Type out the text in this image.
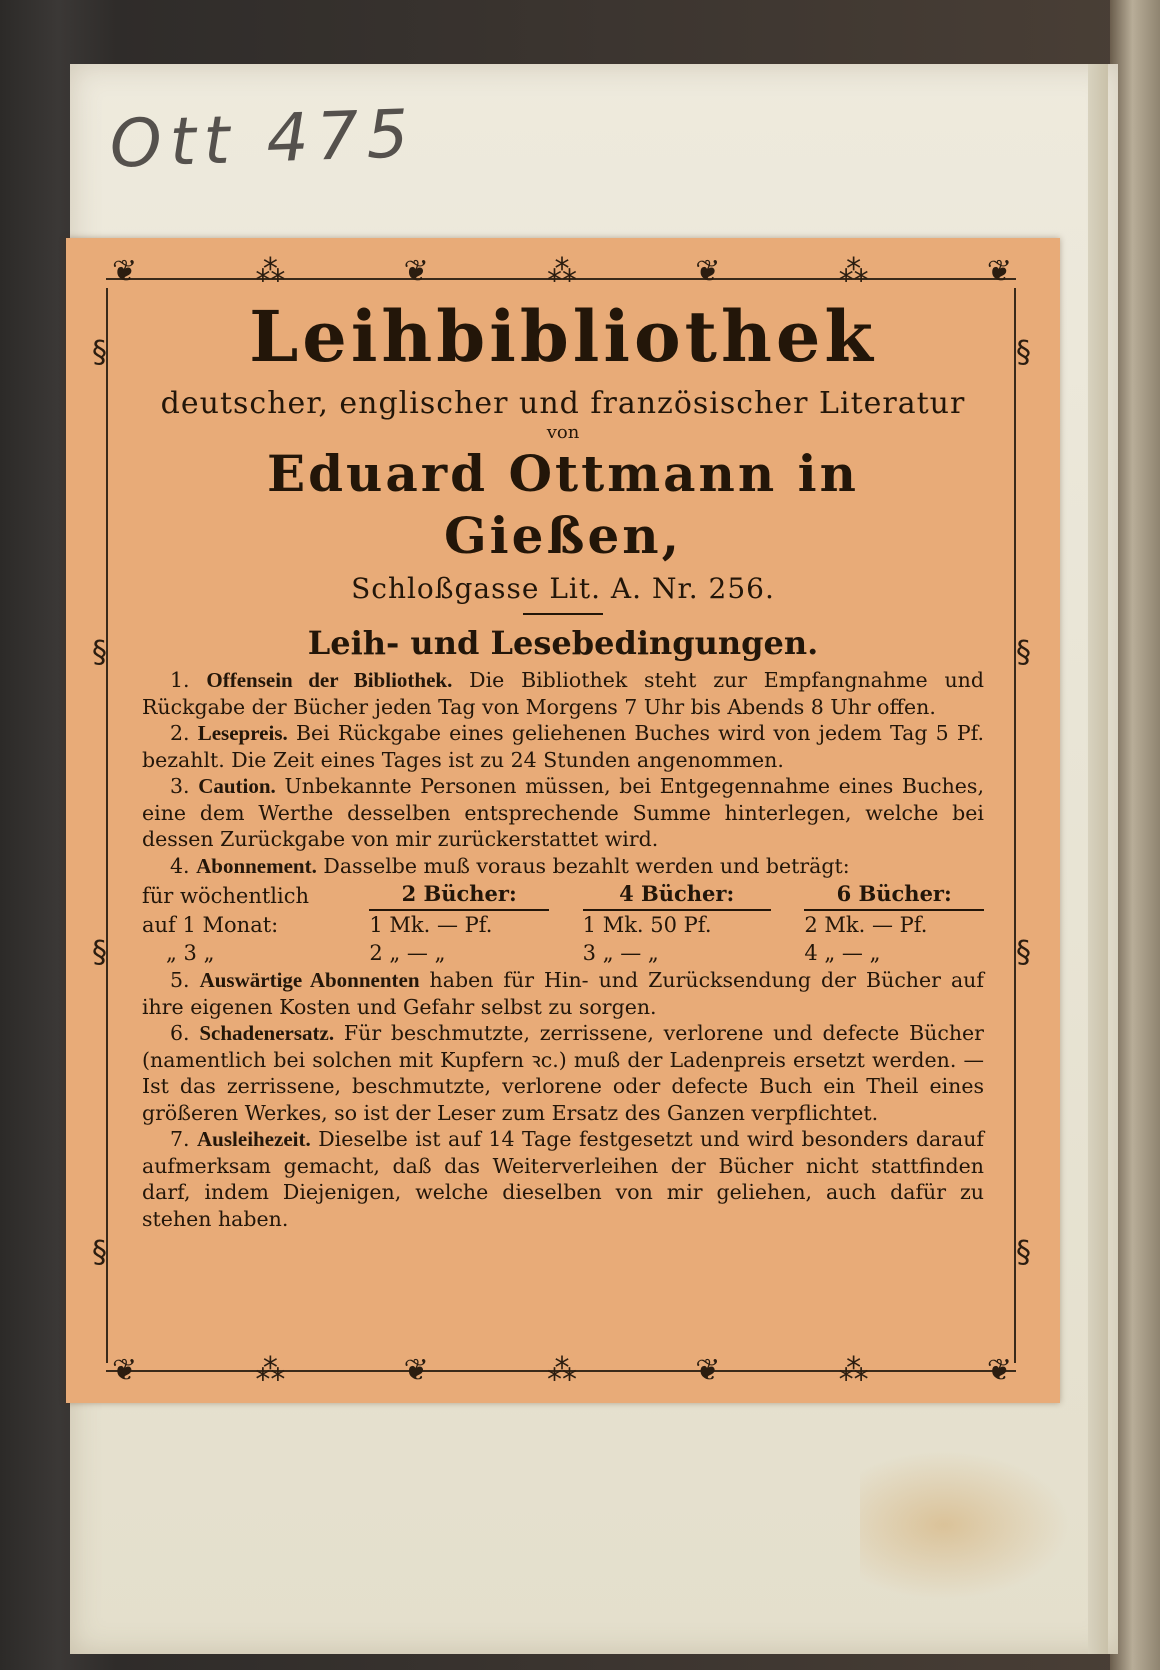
Ott 475
❦	⁂	❦	⁂	❦	⁂	❦
❦	⁂	❦	⁂	❦	⁂	❦
§
§
§
§
§
§
§
§
Leihbibliothek
deutscher, englischer und französischer Literatur
von
Eduard Ottmann in Gießen,
Schloßgasse Lit. A. Nr. 256.
Leih- und Lesebedingungen.

1. Offensein der Bibliothek. Die Bibliothek steht zur Empfangnahme und Rückgabe der Bücher jeden Tag von Morgens 7 Uhr bis Abends 8 Uhr offen.

2. Lesepreis. Bei Rückgabe eines geliehenen Buches wird von jedem Tag 5 Pf. bezahlt. Die Zeit eines Tages ist zu 24 Stunden angenommen.

3. Caution. Unbekannte Personen müssen, bei Entgegennahme eines Buches, eine dem Werthe desselben entsprechende Summe hinterlegen, welche bei dessen Zurückgabe von mir zurückerstattet wird.

4. Abonnement. Dasselbe muß voraus bezahlt werden und beträgt:

für wöchentlich	2 Bücher:		4 Bücher:		6 Bücher:
auf 1 Monat:	1 Mk. — Pf.		1 Mk. 50 Pf.		2 Mk. — Pf.
„ 3 „	2 „ — „		3 „ — „		4 „ — „

5. Auswärtige Abonnenten haben für Hin- und Zurücksendung der Bücher auf ihre eigenen Kosten und Gefahr selbst zu sorgen.

6. Schadenersatz. Für beschmutzte, zerrissene, verlorene und defecte Bücher (namentlich bei solchen mit Kupfern ꝛc.) muß der Ladenpreis ersetzt werden. — Ist das zerrissene, beschmutzte, verlorene oder defecte Buch ein Theil eines größeren Werkes, so ist der Leser zum Ersatz des Ganzen verpflichtet.

7. Ausleihezeit. Dieselbe ist auf 14 Tage festgesetzt und wird besonders darauf aufmerksam gemacht, daß das Weiterverleihen der Bücher nicht stattfinden darf, indem Diejenigen, welche dieselben von mir geliehen, auch dafür zu stehen haben.
